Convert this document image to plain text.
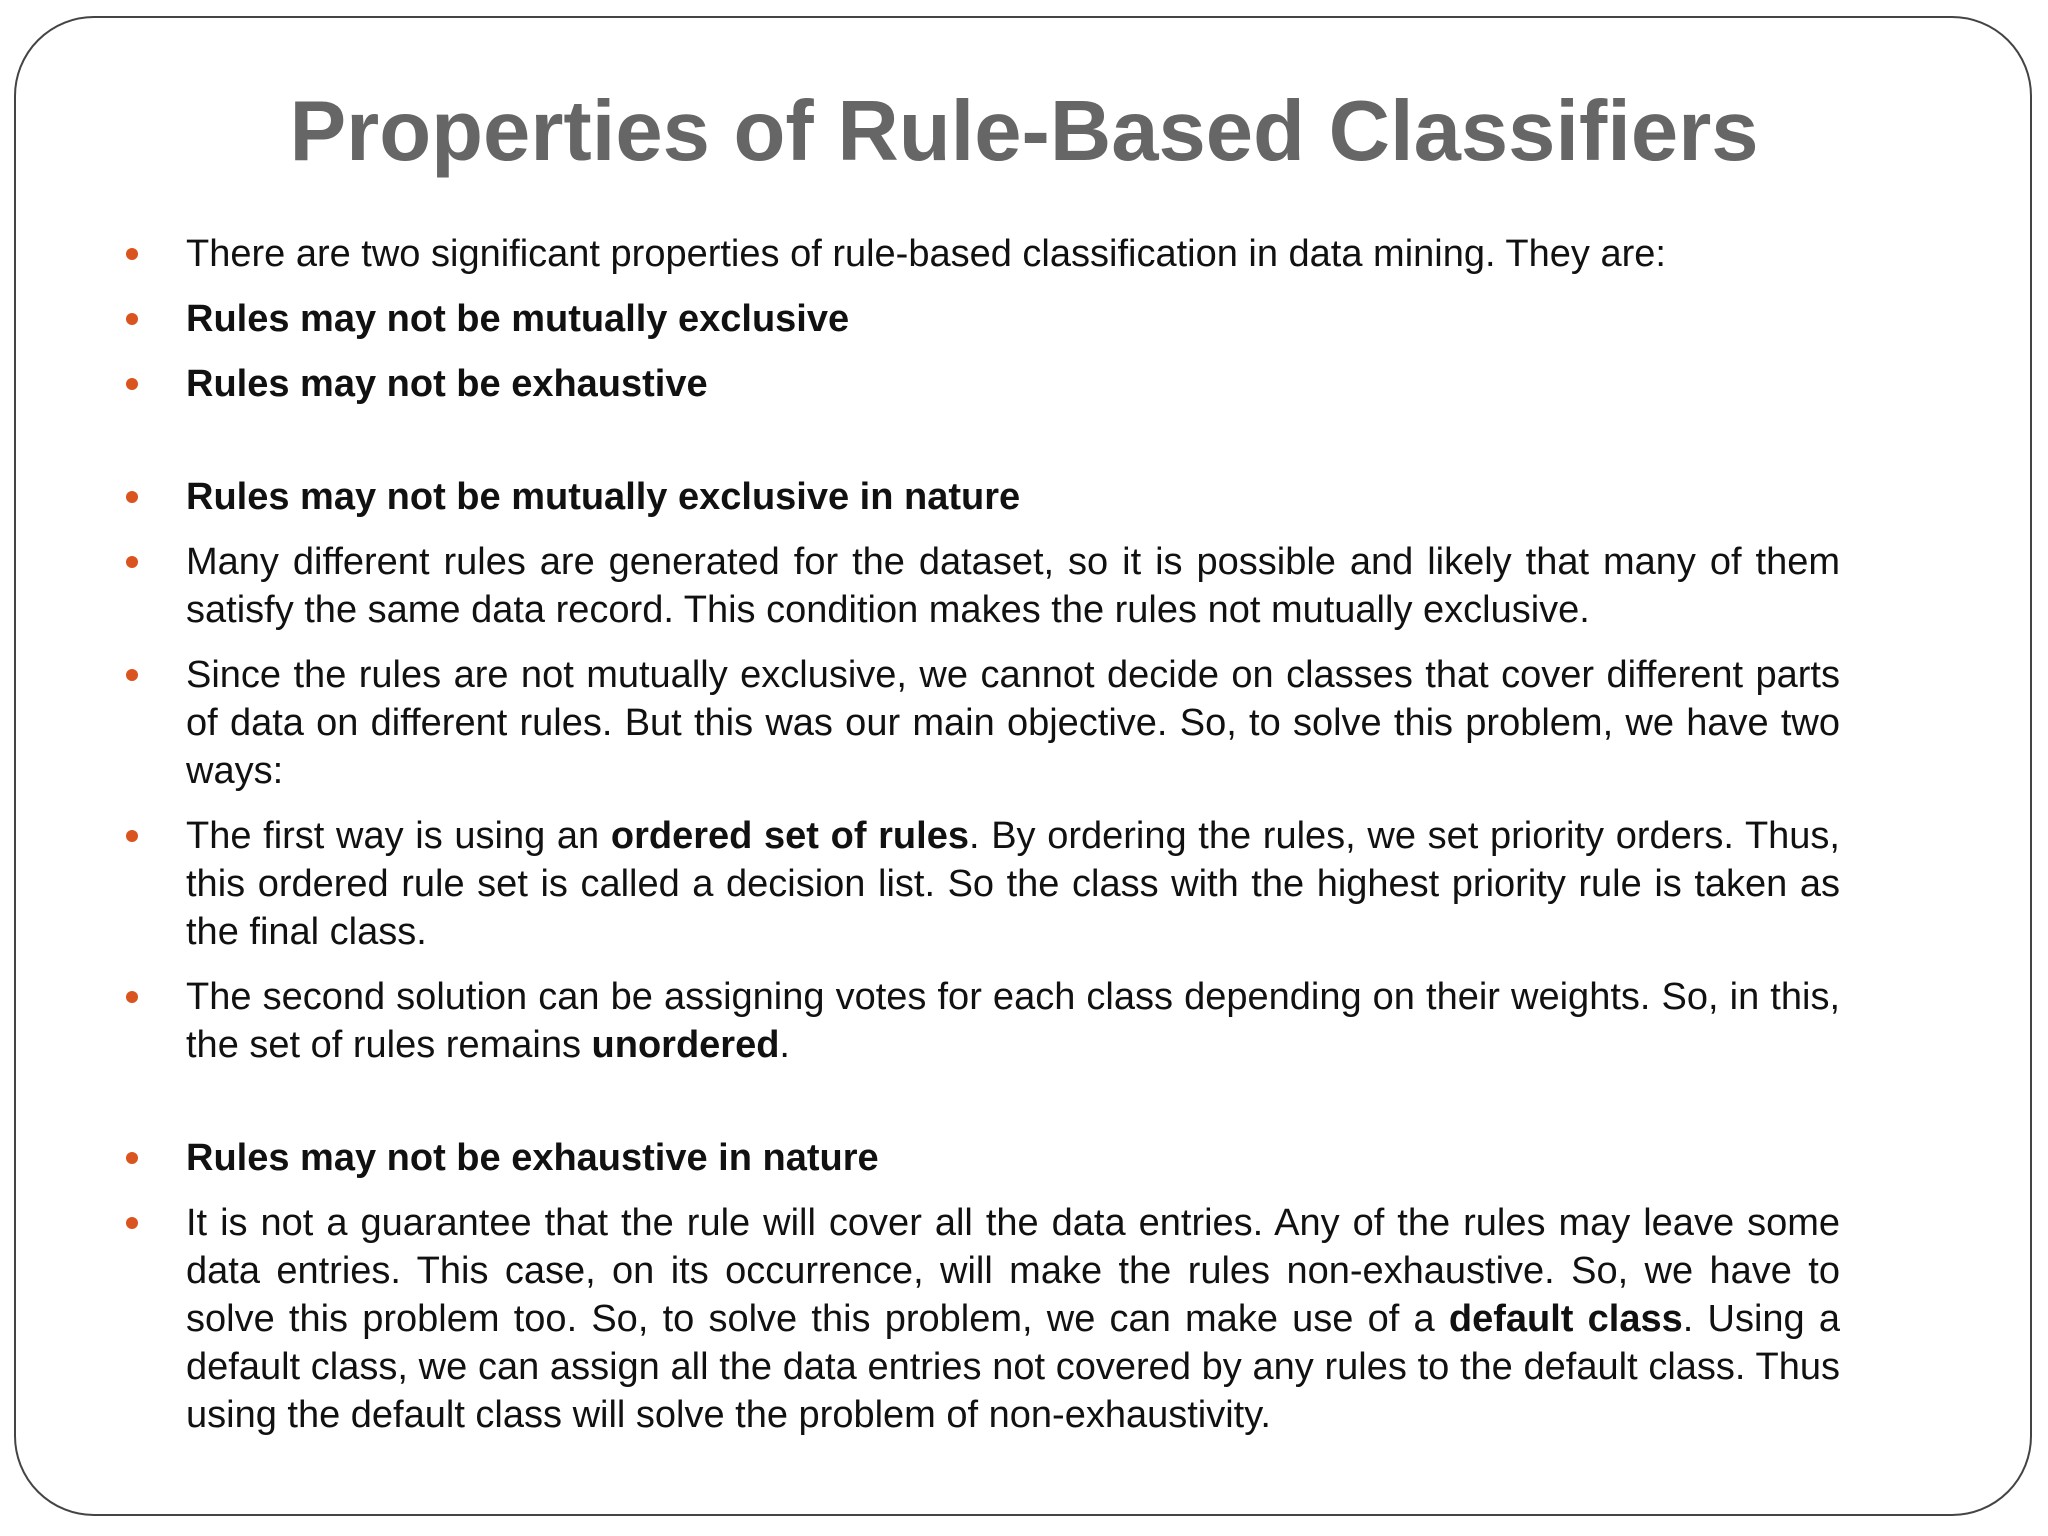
Properties of Rule-Based Classifiers
There are two significant properties of rule-based classification in data mining. They are:
Rules may not be mutually exclusive
Rules may not be exhaustive
Rules may not be mutually exclusive in nature
Many different rules are generated for the dataset, so it is possible and likely that many of them satisfy the same data record. This condition makes the rules not mutually exclusive.
Since the rules are not mutually exclusive, we cannot decide on classes that cover different parts of data on different rules. But this was our main objective. So, to solve this problem, we have two ways:
The first way is using an ordered set of rules. By ordering the rules, we set priority orders. Thus, this ordered rule set is called a decision list. So the class with the highest priority rule is taken as the final class.
The second solution can be assigning votes for each class depending on their weights. So, in this, the set of rules remains unordered.
Rules may not be exhaustive in nature
It is not a guarantee that the rule will cover all the data entries. Any of the rules may leave some data entries. This case, on its occurrence, will make the rules non-exhaustive. So, we have to solve this problem too. So, to solve this problem, we can make use of a default class. Using a default class, we can assign all the data entries not covered by any rules to the default class. Thus using the default class will solve the problem of non-exhaustivity.
